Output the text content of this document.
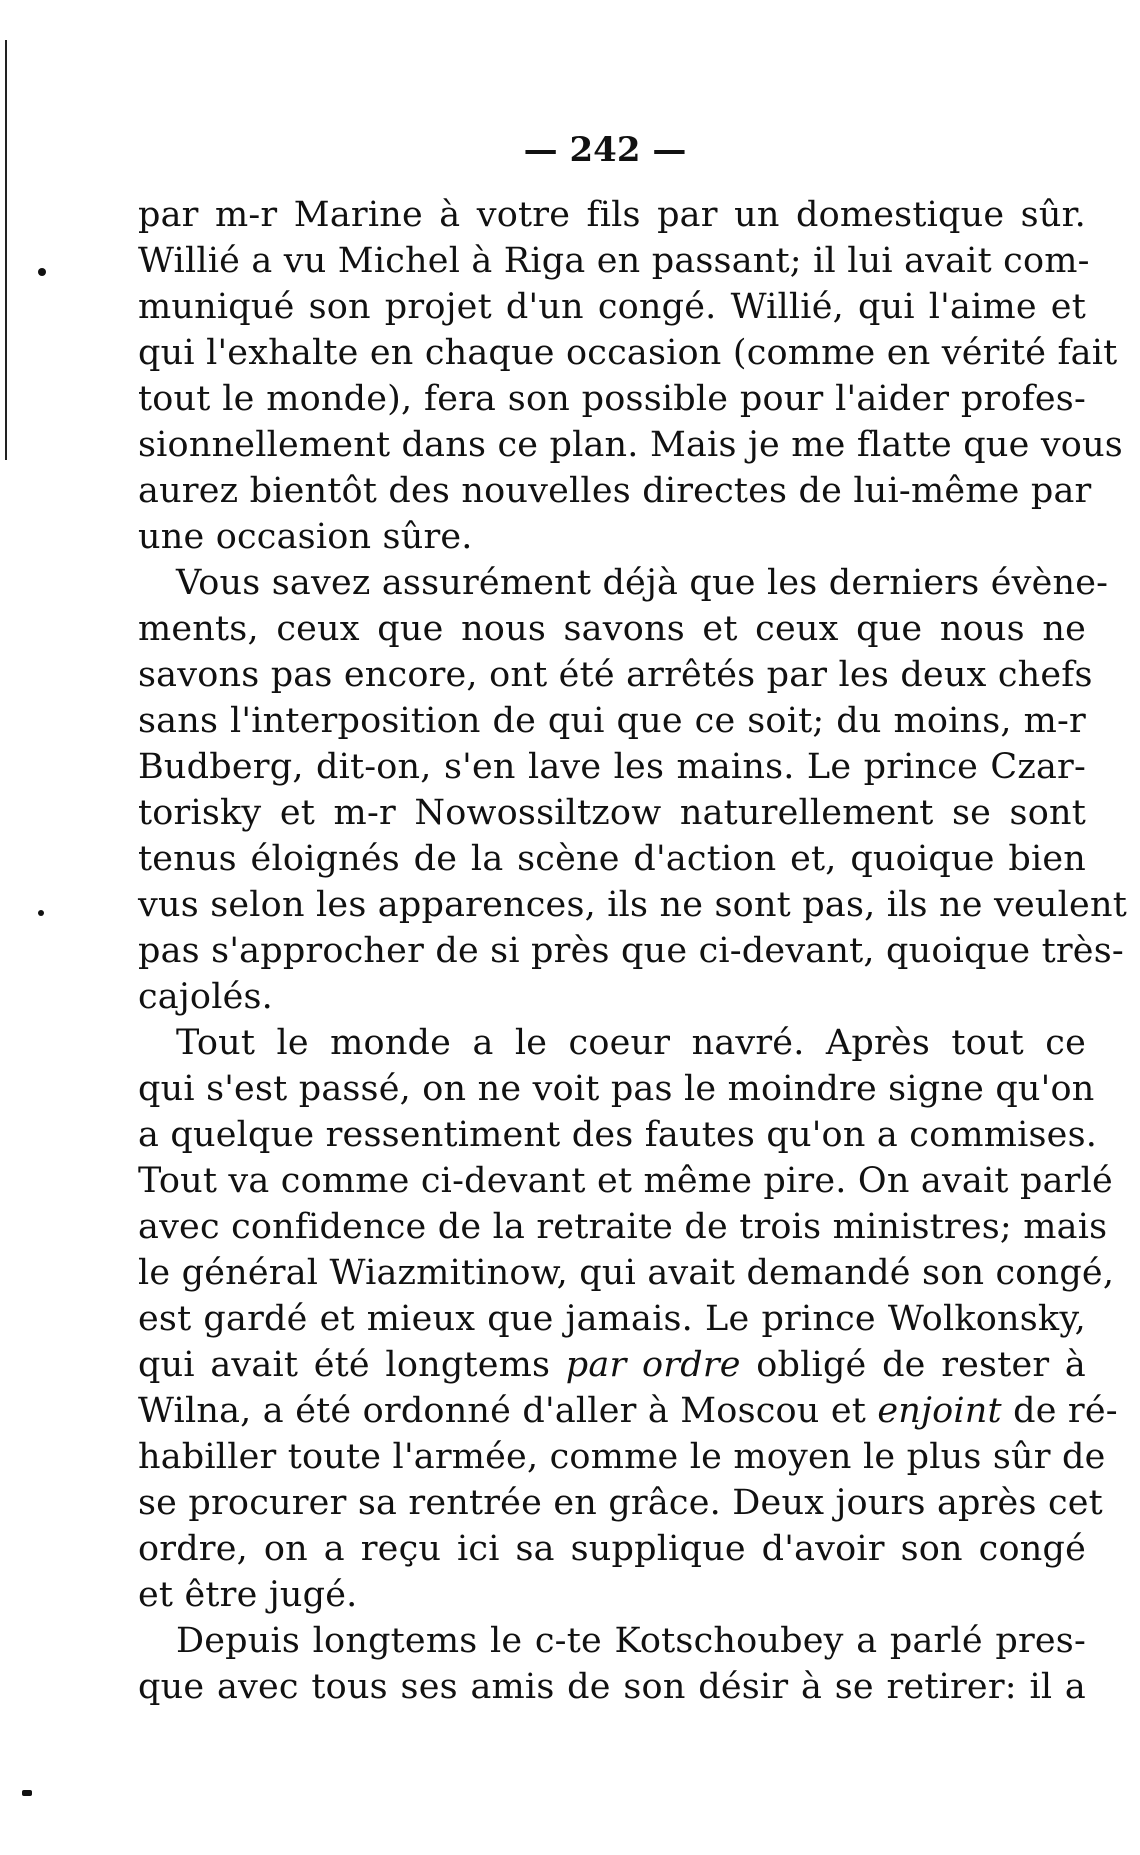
— 242 —
par m-r Marine à votre fils par un domestique sûr.
Willié a vu Michel à Riga en passant; il lui avait com-
muniqué son projet d'un congé. Willié, qui l'aime et
qui l'exhalte en chaque occasion (comme en vérité fait
tout le monde), fera son possible pour l'aider profes-
sionnellement dans ce plan. Mais je me flatte que vous
aurez bientôt des nouvelles directes de lui-même par
une occasion sûre.
Vous savez assurément déjà que les derniers évène-
ments, ceux que nous savons et ceux que nous ne
savons pas encore, ont été arrêtés par les deux chefs
sans l'interposition de qui que ce soit; du moins, m-r
Budberg, dit-on, s'en lave les mains. Le prince Czar-
torisky et m-r Nowossiltzow naturellement se sont
tenus éloignés de la scène d'action et, quoique bien
vus selon les apparences, ils ne sont pas, ils ne veulent
pas s'approcher de si près que ci-devant, quoique très-
cajolés.
Tout le monde a le coeur navré. Après tout ce
qui s'est passé, on ne voit pas le moindre signe qu'on
a quelque ressentiment des fautes qu'on a commises.
Tout va comme ci-devant et même pire. On avait parlé
avec confidence de la retraite de trois ministres; mais
le général Wiazmitinow, qui avait demandé son congé,
est gardé et mieux que jamais. Le prince Wolkonsky,
qui avait été longtems par ordre obligé de rester à
Wilna, a été ordonné d'aller à Moscou et enjoint de ré-
habiller toute l'armée, comme le moyen le plus sûr de
se procurer sa rentrée en grâce. Deux jours après cet
ordre, on a reçu ici sa supplique d'avoir son congé
et être jugé.
Depuis longtems le c-te Kotschoubey a parlé pres-
que avec tous ses amis de son désir à se retirer: il a
